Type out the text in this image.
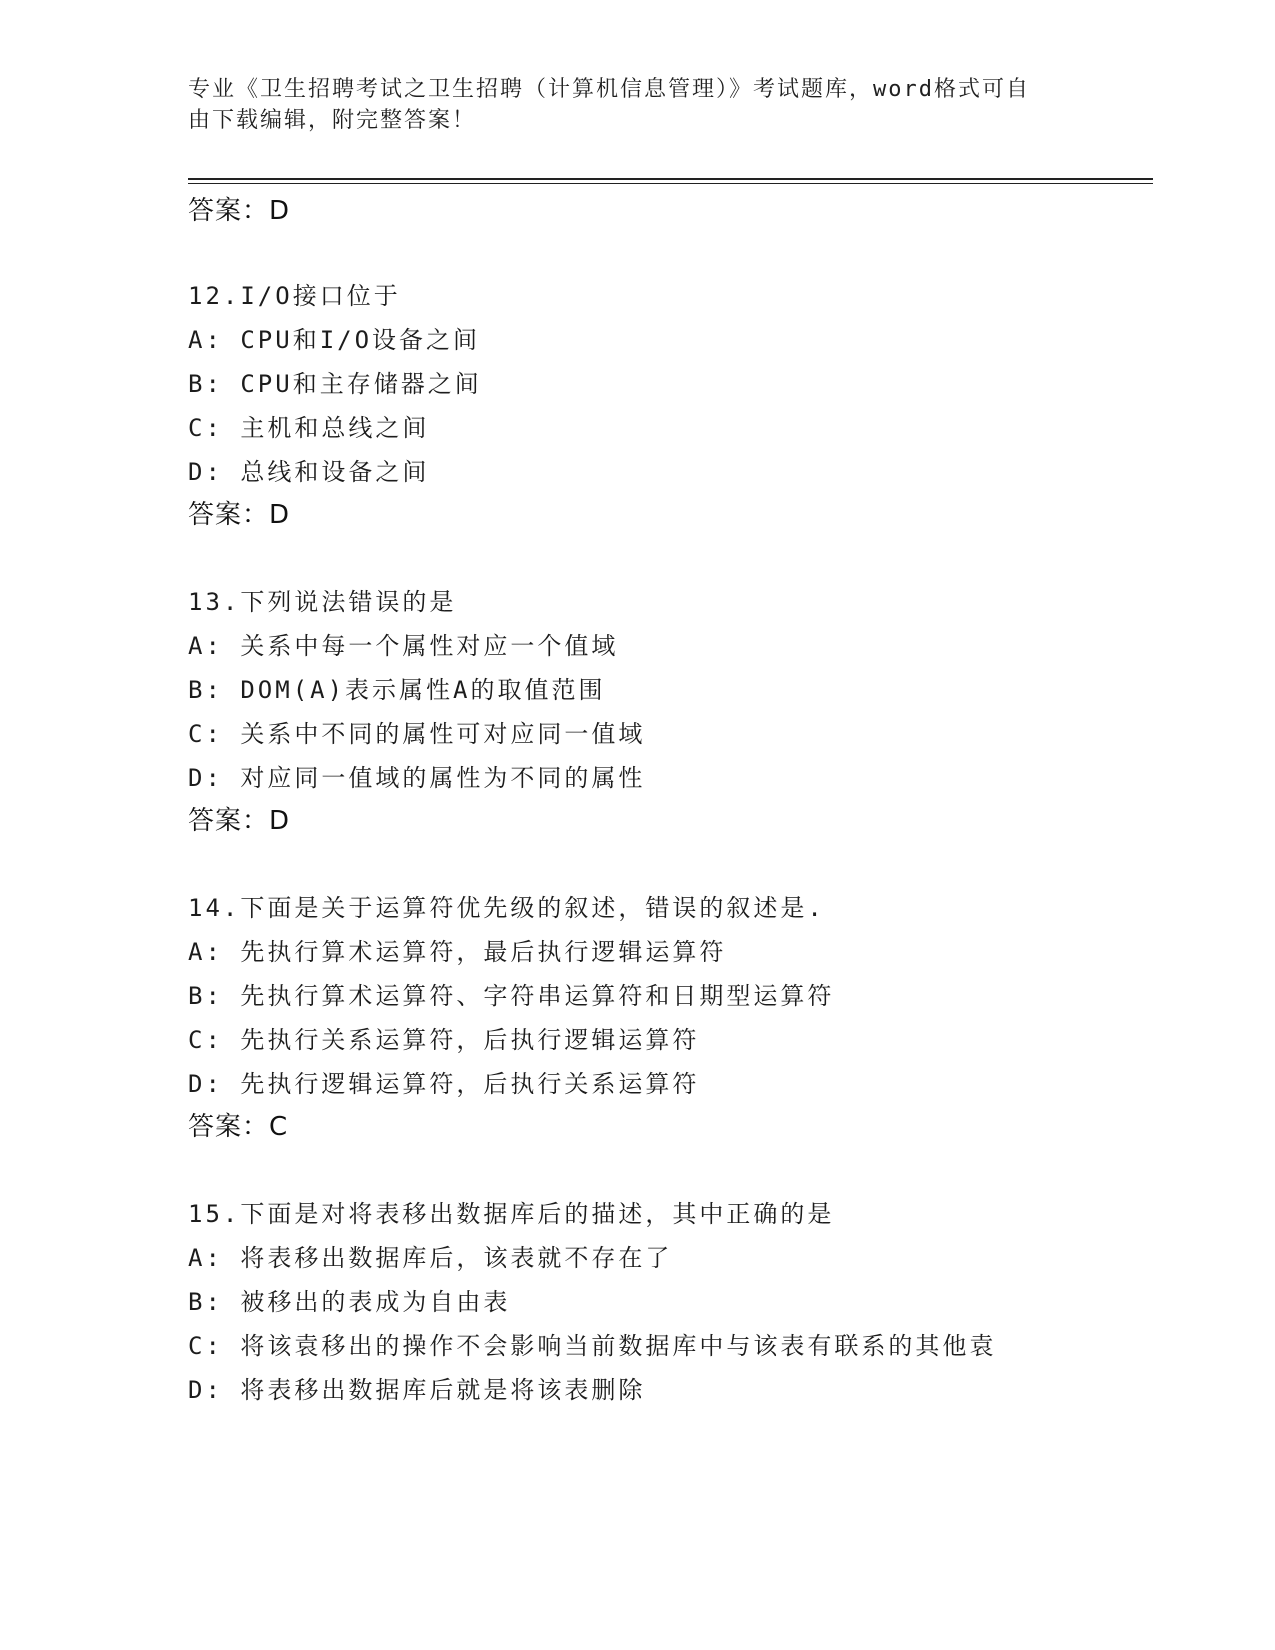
专业《卫生招聘考试之卫生招聘（计算机信息管理）》考试题库，word格式可自
由下载编辑，附完整答案！
答案：D
12.I/O接口位于
A: CPU和I/O设备之间
B: CPU和主存储器之间
C: 主机和总线之间
D: 总线和设备之间
答案：D
13.下列说法错误的是
A: 关系中每一个属性对应一个值域
B: DOM(A)表示属性A的取值范围
C: 关系中不同的属性可对应同一值域
D: 对应同一值域的属性为不同的属性
答案：D
14.下面是关于运算符优先级的叙述，错误的叙述是.
A: 先执行算术运算符，最后执行逻辑运算符
B: 先执行算术运算符、字符串运算符和日期型运算符
C: 先执行关系运算符，后执行逻辑运算符
D: 先执行逻辑运算符，后执行关系运算符
答案：C
15.下面是对将表移出数据库后的描述，其中正确的是
A: 将表移出数据库后，该表就不存在了
B: 被移出的表成为自由表
C: 将该袁移出的操作不会影响当前数据库中与该表有联系的其他袁
D: 将表移出数据库后就是将该表删除
